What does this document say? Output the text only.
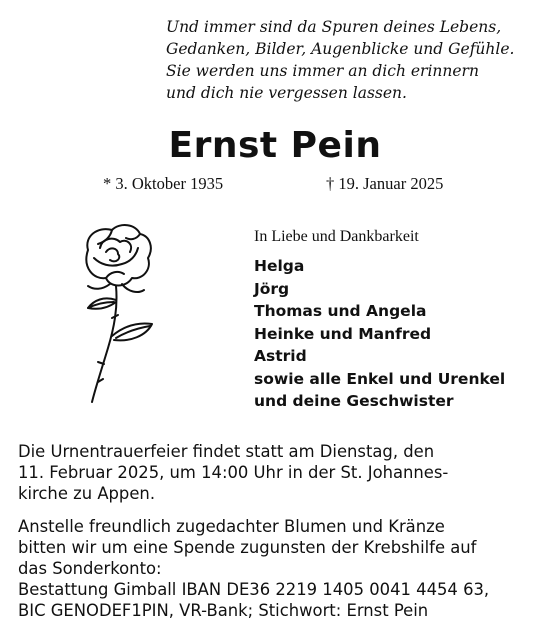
Und immer sind da Spuren deines Lebens,
Gedanken, Bilder, Augenblicke und Gefühle.
Sie werden uns immer an dich erinnern
und dich nie vergessen lassen.
Ernst Pein
* 3. Oktober 1935	† 19. Januar 2025
In Liebe und Dankbarkeit
Helga
Jörg
Thomas und Angela
Heinke und Manfred
Astrid
sowie alle Enkel und Urenkel
und deine Geschwister
Die Urnentrauerfeier findet statt am Dienstag, den
11. Februar 2025, um 14:00 Uhr in der St. Johannes-
kirche zu Appen.
Anstelle freundlich zugedachter Blumen und Kränze
bitten wir um eine Spende zugunsten der Krebshilfe auf
das Sonderkonto:
Bestattung Gimball IBAN DE36 2219 1405 0041 4454 63,
BIC GENODEF1PIN, VR-Bank; Stichwort: Ernst Pein
